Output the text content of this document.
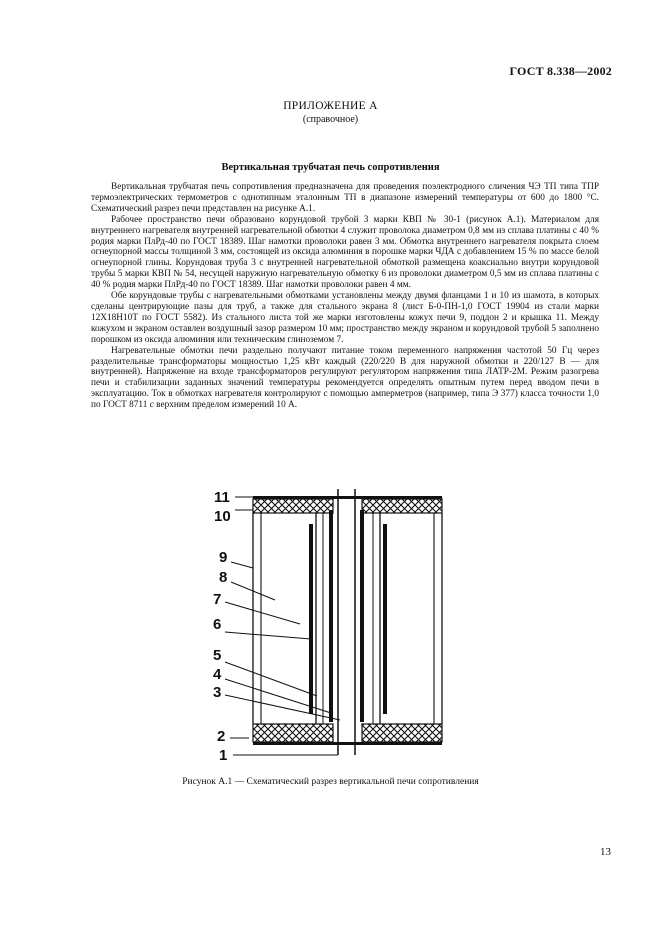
ГОСТ 8.338—2002
ПРИЛОЖЕНИЕ А
(справочное)
Вертикальная трубчатая печь сопротивления

Вертикальная трубчатая печь сопротивления предназначена для проведения поэлектродного сличения ЧЭ ТП типа ТПР термоэлектрических термометров с однотипным эталонным ТП в диапазоне измерений температуры от 600 до 1800 °С. Схематический разрез печи представлен на рисунке А.1.

Рабочее пространство печи образовано корундовой трубой 3 марки КВП № 30-1 (рисунок А.1). Материалом для внутреннего нагревателя внутренней нагревательной обмотки 4 служит проволока диаметром 0,8 мм из сплава платины с 40 % родия марки ПлРд-40 по ГОСТ 18389. Шаг намотки проволоки равен 3 мм. Обмотка внутреннего нагревателя покрыта слоем огнеупорной массы толщиной 3 мм, состоящей из оксида алюминия в порошке марки ЧДА с добавлением 15 % по массе белой огнеупорной глины. Корундовая труба 3 с внутренней нагревательной обмоткой размещена коаксиально внутри корундовой трубы 5 марки КВП № 54, несущей наружную нагревательную обмотку 6 из проволоки диаметром 0,5 мм из сплава платины с 40 % родия марки ПлРд-40 по ГОСТ 18389. Шаг намотки проволоки равен 4 мм.

Обе корундовые трубы с нагревательными обмотками установлены между двумя фланцами 1 и 10 из шамота, в которых сделаны центрирующие пазы для труб, а также для стального экрана 8 (лист Б-0-ПН-1,0 ГОСТ 19904 из стали марки 12Х18Н10Т по ГОСТ 5582). Из стального листа той же марки изготовлены кожух печи 9, поддон 2 и крышка 11. Между кожухом и экраном оставлен воздушный зазор размером 10 мм; пространство между экраном и корундовой трубой 5 заполнено порошком из оксида алюминия или техническим глиноземом 7.

Нагревательные обмотки печи раздельно получают питание током переменного напряжения частотой 50 Гц через разделительные трансформаторы мощностью 1,25 кВт каждый (220/220 В для наружной обмотки и 220/127 В — для внутренней). Напряжение на входе трансформаторов регулируют регулятором напряжения типа ЛАТР-2М. Режим разогрева печи и стабилизации заданных значений температуры рекомендуется определять опытным путем перед вводом печи в эксплуатацию. Ток в обмотках нагревателя контролируют с помощью амперметров (например, типа Э 377) класса точности 1,0 по ГОСТ 8711 с верхним пределом измерений 10 А.

11
10
9
8
7
6
5
4
3
2
1
Рисунок А.1 — Схематический разрез вертикальной печи сопротивления
13
